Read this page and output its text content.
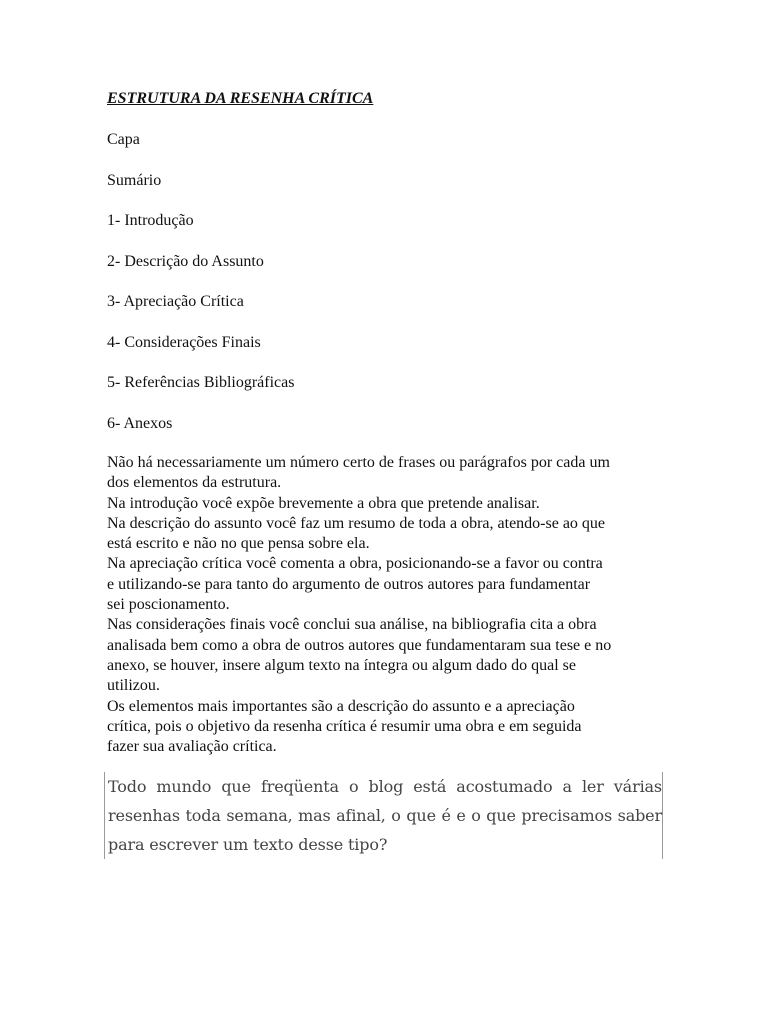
ESTRUTURA DA RESENHA CRÍTICA
Capa
Sumário
1- Introdução
2- Descrição do Assunto
3- Apreciação Crítica
4- Considerações Finais
5- Referências Bibliográficas
6- Anexos
Não há necessariamente um número certo de frases ou parágrafos por cada um
dos elementos da estrutura.
Na introdução você expõe brevemente a obra que pretende analisar.
Na descrição do assunto você faz um resumo de toda a obra, atendo-se ao que
está escrito e não no que pensa sobre ela.
Na apreciação crítica você comenta a obra, posicionando-se a favor ou contra
e utilizando-se para tanto do argumento de outros autores para fundamentar
sei poscionamento.
Nas considerações finais você conclui sua análise, na bibliografia cita a obra
analisada bem como a obra de outros autores que fundamentaram sua tese e no
anexo, se houver, insere algum texto na íntegra ou algum dado do qual se
utilizou.
Os elementos mais importantes são a descrição do assunto e a apreciação
crítica, pois o objetivo da resenha crítica é resumir uma obra e em seguida
fazer sua avaliação crítica.
Todo mundo que freqüenta o blog está acostumado a ler várias
resenhas toda semana, mas afinal, o que é e o que precisamos saber
para escrever um texto desse tipo?
